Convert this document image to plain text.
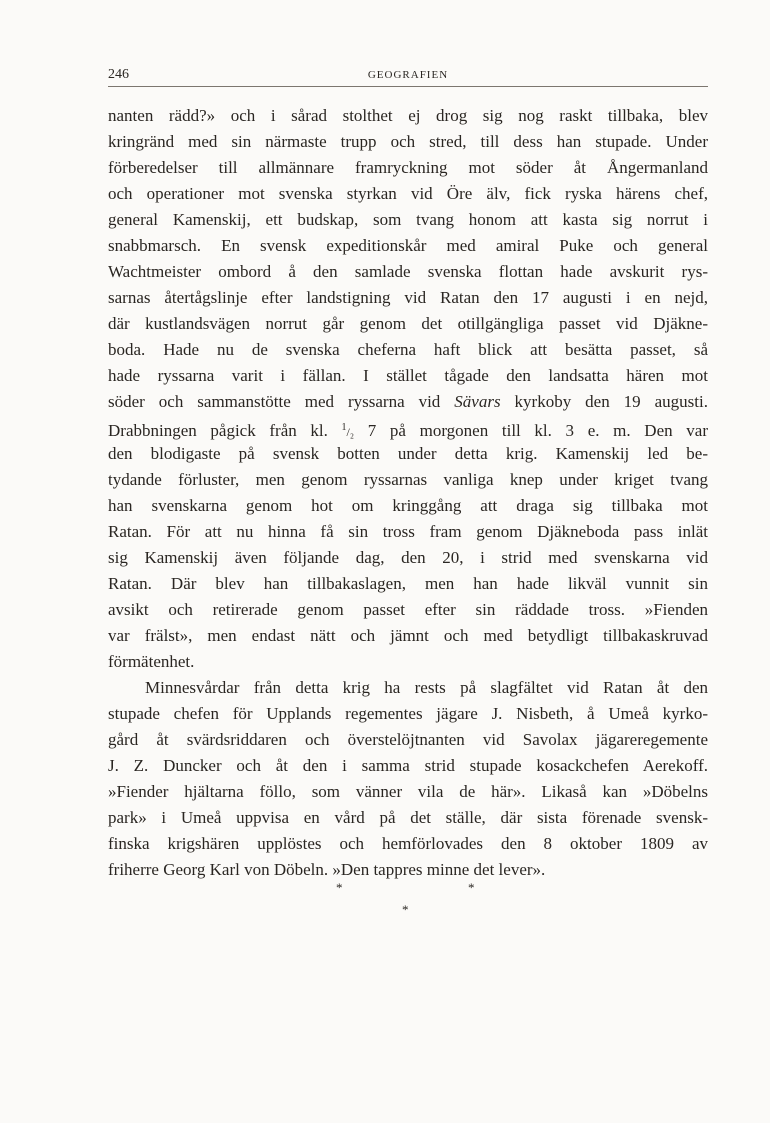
246	GEOGRAFIEN
nanten rädd?» och i sårad stolthet ej drog sig nog raskt tillbaka, blev
kringränd med sin närmaste trupp och stred, till dess han stupade. Under
förberedelser till allmännare framryckning mot söder åt Ångermanland
och operationer mot svenska styrkan vid Öre älv, fick ryska härens chef,
general Kamenskij, ett budskap, som tvang honom att kasta sig norrut i
snabbmarsch. En svensk expeditionskår med amiral Puke och general
Wachtmeister ombord å den samlade svenska flottan hade avskurit rys-
sarnas återtågslinje efter landstigning vid Ratan den 17 augusti i en nejd,
där kustlandsvägen norrut går genom det otillgängliga passet vid Djäkne-
boda. Hade nu de svenska cheferna haft blick att besätta passet, så
hade ryssarna varit i fällan. I stället tågade den landsatta hären mot
söder och sammanstötte med ryssarna vid Sävars kyrkoby den 19 augusti.
Drabbningen pågick från kl. $^1$/₂ 7 på morgonen till kl. 3 e. m. Den var
den blodigaste på svensk botten under detta krig. Kamenskij led be-
tydande förluster, men genom ryssarnas vanliga knep under kriget tvang
han svenskarna genom hot om kringgång att draga sig tillbaka mot
Ratan. För att nu hinna få sin tross fram genom Djäkneboda pass inlät
sig Kamenskij även följande dag, den 20, i strid med svenskarna vid
Ratan. Där blev han tillbakaslagen, men han hade likväl vunnit sin
avsikt och retirerade genom passet efter sin räddade tross. »Fienden
var frälst», men endast nätt och jämnt och med betydligt tillbakaskruvad
förmätenhet.
Minnesvårdar från detta krig ha rests på slagfältet vid Ratan åt den
stupade chefen för Upplands regementes jägare J. Nisbeth, å Umeå kyrko-
gård åt svärdsriddaren och överstelöjtnanten vid Savolax jägareregemente
J. Z. Duncker och åt den i samma strid stupade kosackchefen Aerekoff.
»Fiender hjältarna föllo, som vänner vila de här». Likaså kan »Döbelns
park» i Umeå uppvisa en vård på det ställe, där sista förenade svensk-
finska krigshären upplöstes och hemförlovades den 8 oktober 1809 av
friherre Georg Karl von Döbeln. »Den tappres minne det lever».
*	*
*
